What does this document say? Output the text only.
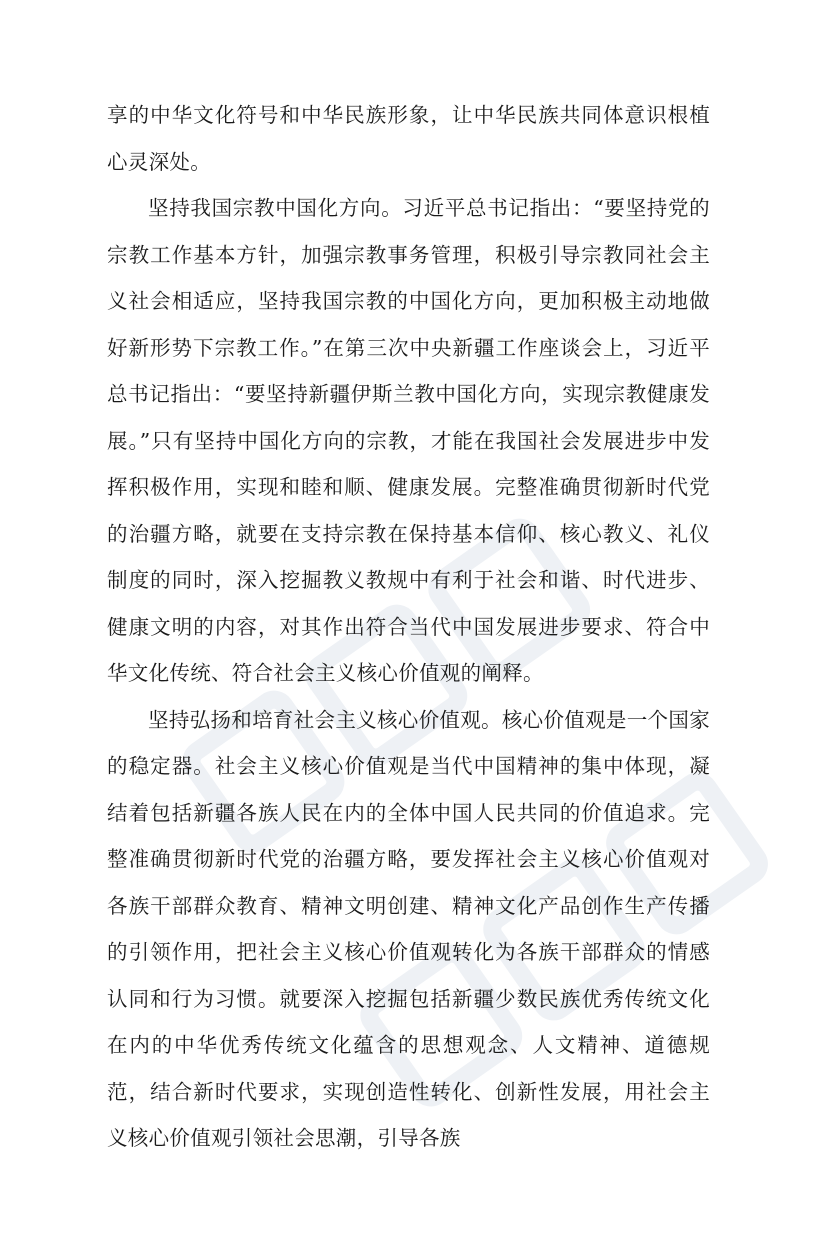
享的中华文化符号和中华民族形象，让中华民族共同体意识根植心灵深处。

坚持我国宗教中国化方向。习近平总书记指出：“要坚持党的宗教工作基本方针，加强宗教事务管理，积极引导宗教同社会主义社会相适应，坚持我国宗教的中国化方向，更加积极主动地做好新形势下宗教工作。”在第三次中央新疆工作座谈会上，习近平总书记指出：“要坚持新疆伊斯兰教中国化方向，实现宗教健康发展。”只有坚持中国化方向的宗教，才能在我国社会发展进步中发挥积极作用，实现和睦和顺、健康发展。完整准确贯彻新时代党的治疆方略，就要在支持宗教在保持基本信仰、核心教义、礼仪制度的同时，深入挖掘教义教规中有利于社会和谐、时代进步、健康文明的内容，对其作出符合当代中国发展进步要求、符合中华文化传统、符合社会主义核心价值观的阐释。

坚持弘扬和培育社会主义核心价值观。核心价值观是一个国家的稳定器。社会主义核心价值观是当代中国精神的集中体现，凝结着包括新疆各族人民在内的全体中国人民共同的价值追求。完整准确贯彻新时代党的治疆方略，要发挥社会主义核心价值观对各族干部群众教育、精神文明创建、精神文化产品创作生产传播的引领作用，把社会主义核心价值观转化为各族干部群众的情感认同和行为习惯。就要深入挖掘包括新疆少数民族优秀传统文化在内的中华优秀传统文化蕴含的思想观念、人文精神、道德规范，结合新时代要求，实现创造性转化、创新性发展，用社会主义核心价值观引领社会思潮，引导各族
